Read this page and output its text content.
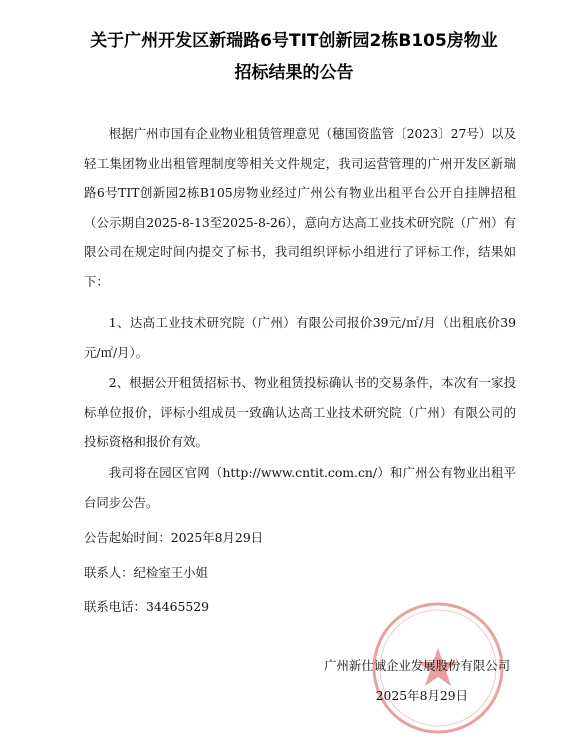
关于广州开发区新瑞路6号TIT创新园2栋B105房物业
招标结果的公告
根据广州市国有企业物业租赁管理意见（穗国资监管〔2023〕27号）以及轻工集团物业出租管理制度等相关文件规定，我司运营管理的广州开发区新瑞路6号TIT创新园2栋B105房物业经过广州公有物业出租平台公开自挂牌招租（公示期自2025-8-13至2025-8-26），意向方达高工业技术研究院（广州）有限公司在规定时间内提交了标书，我司组织评标小组进行了评标工作，结果如下：
1、达高工业技术研究院（广州）有限公司报价39元/㎡/月（出租底价39元/㎡/月）。
2、根据公开租赁招标书、物业租赁投标确认书的交易条件，本次有一家投标单位报价，评标小组成员一致确认达高工业技术研究院（广州）有限公司的投标资格和报价有效。
我司将在园区官网（http://www.cntit.com.cn/）和广州公有物业出租平台同步公告。
公告起始时间：2025年8月29日
联系人：纪检室王小姐
联系电话：34465529
广州新仕诚企业发展股份有限公司
2025年8月29日
